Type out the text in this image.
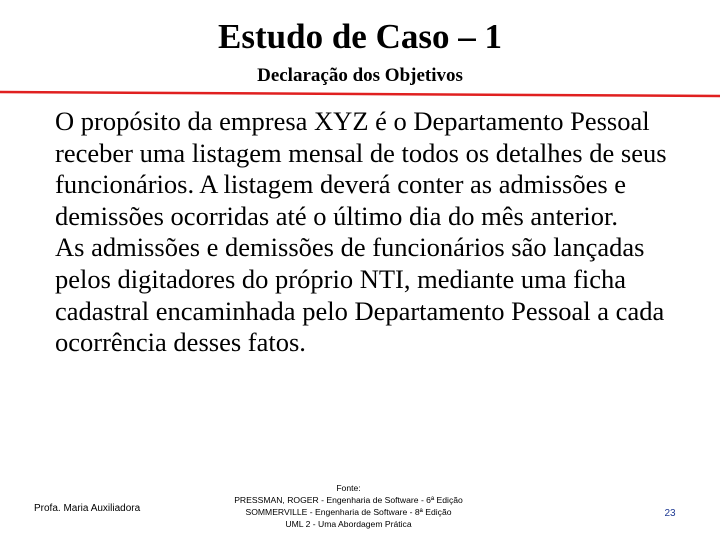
Estudo de Caso – 1
Declaração dos Objetivos

O propósito da empresa XYZ é o Departamento Pessoal receber uma listagem mensal de todos os detalhes de seus funcionários. A listagem deverá conter as admissões e demissões ocorridas até o último dia do mês anterior.

As admissões e demissões de funcionários são lançadas pelos digitadores do próprio NTI, mediante uma ficha cadastral encaminhada pelo Departamento Pessoal a cada ocorrência desses fatos.

Profa. Maria Auxiliadora
Fonte:
PRESSMAN, ROGER - Engenharia de Software - 6ª Edição
SOMMERVILLE - Engenharia de Software - 8ª Edição
UML 2 - Uma Abordagem Prática
23
